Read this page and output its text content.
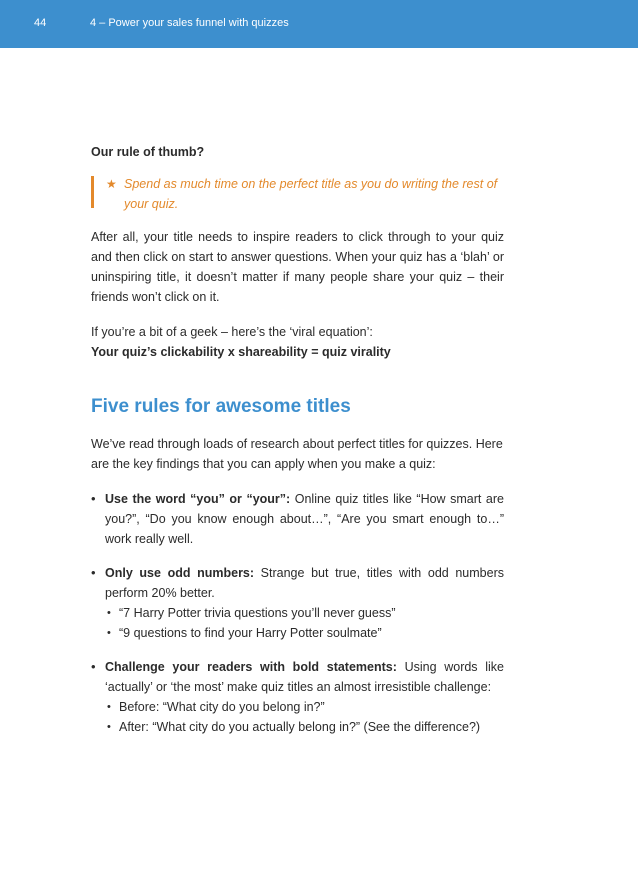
44	4 – Power your sales funnel with quizzes

Our rule of thumb?

★ Spend as much time on the perfect title as you do writing the rest of your quiz.

After all, your title needs to inspire readers to click through to your quiz and then click on start to answer questions. When your quiz has a ‘blah’ or uninspiring title, it doesn’t matter if many people share your quiz – their friends won’t click on it.

If you’re a bit of a geek – here’s the ‘viral equation’:

Your quiz’s clickability x shareability = quiz virality

Five rules for awesome titles

We’ve read through loads of research about perfect titles for quizzes. Here are the key findings that you can apply when you make a quiz:

• Use the word “you” or “your”: Online quiz titles like “How smart are you?”, “Do you know enough about…”, “Are you smart enough to…” work really well.
• Only use odd numbers: Strange but true, titles with odd numbers perform 20% better.
• “7 Harry Potter trivia questions you’ll never guess”
• “9 questions to find your Harry Potter soulmate”
• Challenge your readers with bold statements: Using words like ‘actually’ or ‘the most’ make quiz titles an almost irresistible challenge:
• Before: “What city do you belong in?”
• After: “What city do you actually belong in?” (See the difference?)
